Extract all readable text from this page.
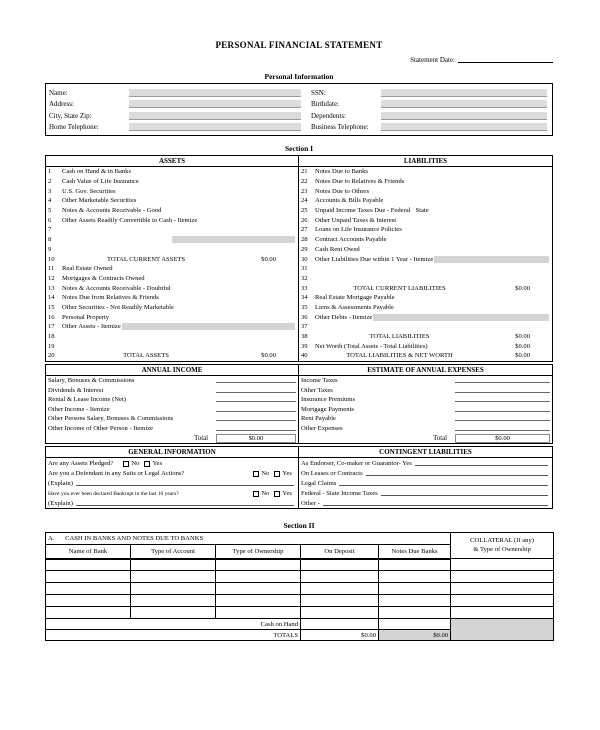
PERSONAL FINANCIAL STATEMENT
Statement Date:
Personal Information
Name:	SSN:
Address:	Birthdate:
City, State Zip:	Dependents:
Home Telephone:	Business Telephone:
Section I
ASSETS
1	Cash on Hand & in Banks
2	Cash Value of Life Insurance
3	U.S. Gov. Securities
4	Other Marketable Securities
5	Notes & Accounts Receivable - Good
6	Other Assets Readily Convertible to Cash - Itemize
7
8
9
10	TOTAL CURRENT ASSETS	$0.00
11	Real Estate Owned
12	Mortgages & Contracts Owned
13	Notes & Accounts Receivable - Doubtful
14	Notes Due from Relatives & Friends
15	Other Securities - Not Readily Marketable
16	Personal Property
17	Other Assets - Itemize
18
19
20	TOTAL ASSETS	$0.00
LIABILITIES
21	Notes Due to Banks
22	Notes Due to Relatives & Friends
23	Notes Due to Others
24	Accounts & Bills Payable
25	Unpaid Income Taxes Due - Federal   State
26	Other Unpaid Taxes & Interest
27	Loans on Life Insurance Policies
28	Contract Accounts Payable
29	Cash Rent Owed
30	Other Liabilities Due within 1 Year - Itemize
31
32
33	TOTAL CURRENT LIABILITIES	$0.00
34	Real Estate Mortgage Payable
35	Liens & Assessments Payable
36	Other Debts - Itemize
37
38	TOTAL LIABILITIES	$0.00
39	Net Worth (Total Assets - Total Liabilities)	$0.00
40	TOTAL LIABILITIES & NET WORTH	$0.00
ANNUAL INCOME
Salary, Bonuses & Commissions
Dividends & Interest
Rental & Lease Income (Net)
Other Income - Itemize
Other Persons Salary, Bonuses & Commissions
Other Income of Other Person - Itemize
Total	$0.00
ESTIMATE OF ANNUAL EXPENSES
Income Taxes
Other Taxes
Insurance Premiums
Mortgage Payments
Rent Payable
Other Expenses
Total	$0.00
GENERAL INFORMATION
Are any Assets Pledged?	No Yes
Are you a Defendant in any Suits or Legal Actions?	No Yes
(Explain)
Have you ever been declared Bankrupt in the last 10 years?	No Yes
(Explain)
CONTINGENT LIABILITIES
As Endorser, Co-maker or Guarantor- Yes
On Leases or Contracts
Legal Claims
Federal - State Income Taxes
Other -
Section II
A. CASH IN BANKS AND NOTES DUE TO BANKS					COLLATERAL (If any)
& Type of Ownership

Name of Bank	Type of Account	Type of Ownership	On Deposit	Notes Due Banks	

Cash on Hand					
TOTALS			$0.00	$0.00	
